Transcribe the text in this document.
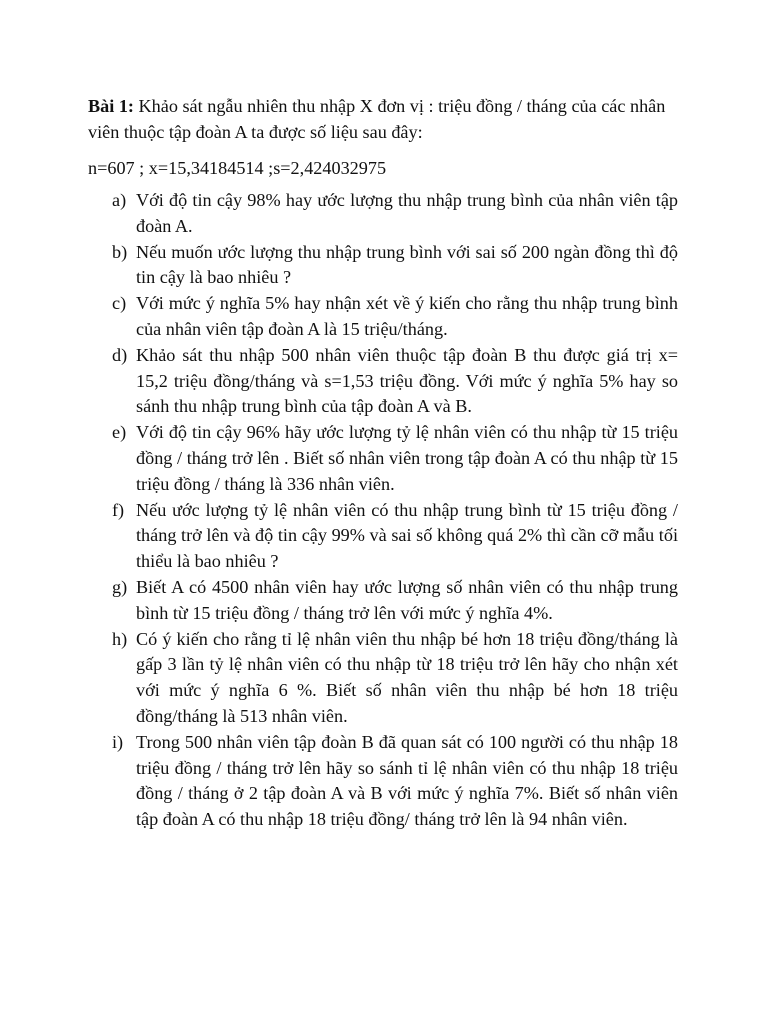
Bài 1: Khảo sát ngẫu nhiên thu nhập X đơn vị : triệu đồng / tháng của các nhân viên thuộc tập đoàn A ta được số liệu sau đây:

n=607 ; x=15,34184514 ;s=2,424032975

a) Với độ tin cậy 98% hay ước lượng thu nhập trung bình của nhân viên tập đoàn A.
b) Nếu muốn ước lượng thu nhập trung bình với sai số 200 ngàn đồng thì độ tin cậy là bao nhiêu ?
c) Với mức ý nghĩa 5% hay nhận xét về ý kiến cho rằng thu nhập trung bình của nhân viên tập đoàn A là 15 triệu/tháng.
d) Khảo sát thu nhập 500 nhân viên thuộc tập đoàn B thu được giá trị x= 15,2 triệu đồng/tháng và s=1,53 triệu đồng. Với mức ý nghĩa 5% hay so sánh thu nhập trung bình của tập đoàn A và B.
e) Với độ tin cậy 96% hãy ước lượng tỷ lệ nhân viên có thu nhập từ 15 triệu đồng / tháng trở lên . Biết số nhân viên trong tập đoàn A có thu nhập từ 15 triệu đồng / tháng là 336 nhân viên.
f) Nếu ước lượng tỷ lệ nhân viên có thu nhập trung bình từ 15 triệu đồng / tháng trở lên và độ tin cậy 99% và sai số không quá 2% thì cần cỡ mẫu tối thiểu là bao nhiêu ?
g) Biết A có 4500 nhân viên hay ước lượng số nhân viên có thu nhập trung bình từ 15 triệu đồng / tháng trở lên với mức ý nghĩa 4%.
h) Có ý kiến cho rằng tỉ lệ nhân viên thu nhập bé hơn 18 triệu đồng/tháng là gấp 3 lần tỷ lệ nhân viên có thu nhập từ 18 triệu trở lên hãy cho nhận xét với mức ý nghĩa 6 %. Biết số nhân viên thu nhập bé hơn 18 triệu đồng/tháng là 513 nhân viên.
i) Trong 500 nhân viên tập đoàn B đã quan sát có 100 người có thu nhập 18 triệu đồng / tháng trở lên hãy so sánh tỉ lệ nhân viên có thu nhập 18 triệu đồng / tháng ở 2 tập đoàn A và B với mức ý nghĩa 7%. Biết số nhân viên tập đoàn A có thu nhập 18 triệu đồng/ tháng trở lên là 94 nhân viên.
